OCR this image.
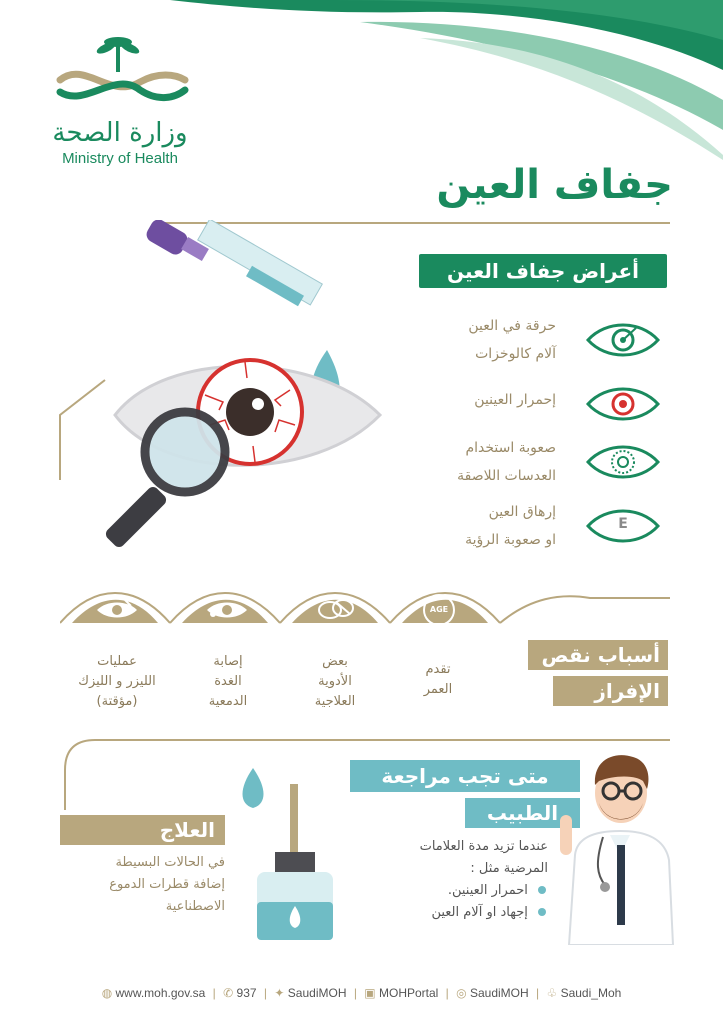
وزارة الصحة
Ministry of Health
جفاف العين
أعراض جفاف العين
حرقة في العين
آلام كالوخزات
إحمرار العينين
صعوبة استخدام
العدسات اللاصقة
إرهاق العين
او صعوبة الرؤية
E
AGE
أسباب نقص
الإفراز
عمليات
الليزر و الليزك
(مؤقتة)
إصابة
الغدة
الدمعية
بعض
الأدوية
العلاجية
تقدم
العمر
العلاج
في الحالات البسيطة
إضافة قطرات الدموع
الاصطناعية
متى تجب مراجعة
الطبيب
عندما تزيد مدة العلامات
المرضية مثل :
احمرار العينين.
إجهاد او آلام العين
◍ www.moh.gov.sa | ✆ 937 | ✦ SaudiMOH | ▣ MOHPortal | ◎ SaudiMOH | ♧ Saudi_Moh
